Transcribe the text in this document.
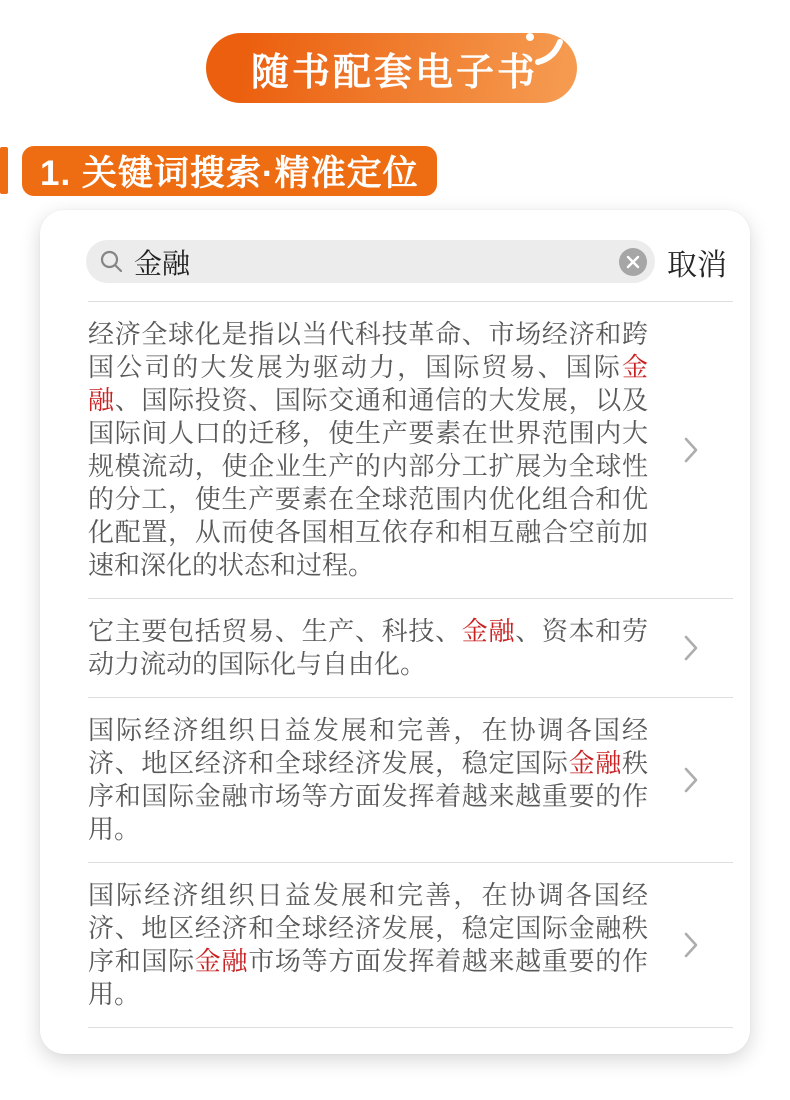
随书配套电子书
1. 关键词搜索·精准定位
金融	取消
经济全球化是指以当代科技革命、市场经济和跨国公司的大发展为驱动力，国际贸易、国际金融、国际投资、国际交通和通信的大发展，以及国际间人口的迁移，使生产要素在世界范围内大规模流动，使企业生产的内部分工扩展为全球性的分工，使生产要素在全球范围内优化组合和优化配置，从而使各国相互依存和相互融合空前加速和深化的状态和过程。
它主要包括贸易、生产、科技、金融、资本和劳动力流动的国际化与自由化。
国际经济组织日益发展和完善，在协调各国经济、地区经济和全球经济发展，稳定国际金融秩序和国际金融市场等方面发挥着越来越重要的作用。
国际经济组织日益发展和完善，在协调各国经济、地区经济和全球经济发展，稳定国际金融秩序和国际金融市场等方面发挥着越来越重要的作用。
